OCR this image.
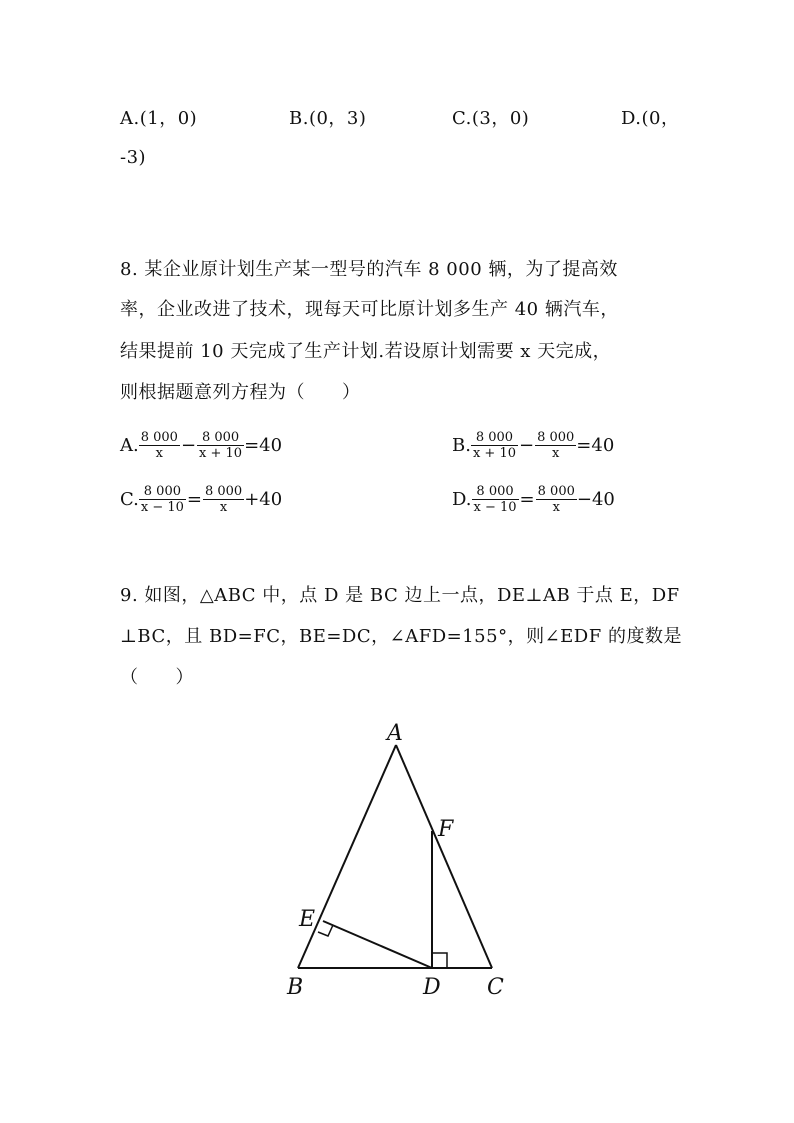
A.(1，0)	B.(0，3)	C.(3，0)	D.(0，
-3)
8. 某企业原计划生产某一型号的汽车 8 000 辆，为了提高效
率，企业改进了技术，现每天可比原计划多生产 40 辆汽车，
结果提前 10 天完成了生产计划.若设原计划需要 x 天完成，
则根据题意列方程为（　　）
A. $\frac{8 000}{x} - \frac{8 000}{x + 10} =40$	B. $\frac{8 000}{x + 10} - \frac{8 000}{x} =40$
C. $\frac{8 000}{x - 10} = \frac{8 000}{x} +40$	D. $\frac{8 000}{x - 10} = \frac{8 000}{x} -40$
9. 如图，△ABC 中，点 D 是 BC 边上一点，DE⊥AB 于点 E，DF
⊥BC，且 BD=FC，BE=DC，∠AFD=155°，则∠EDF 的度数是
（　　）
A
B	C
D
E
F
